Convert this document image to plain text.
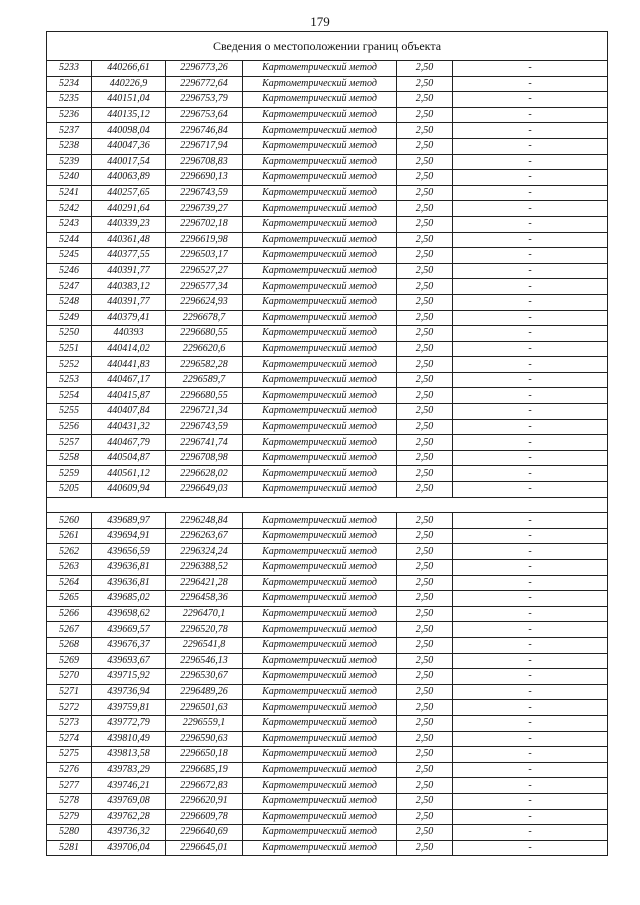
179
Сведения о местоположении границ объекта					
5233	440266,61	2296773,26	Картометрический метод	2,50	-
5234	440226,9	2296772,64	Картометрический метод	2,50	-
5235	440151,04	2296753,79	Картометрический метод	2,50	-
5236	440135,12	2296753,64	Картометрический метод	2,50	-
5237	440098,04	2296746,84	Картометрический метод	2,50	-
5238	440047,36	2296717,94	Картометрический метод	2,50	-
5239	440017,54	2296708,83	Картометрический метод	2,50	-
5240	440063,89	2296690,13	Картометрический метод	2,50	-
5241	440257,65	2296743,59	Картометрический метод	2,50	-
5242	440291,64	2296739,27	Картометрический метод	2,50	-
5243	440339,23	2296702,18	Картометрический метод	2,50	-
5244	440361,48	2296619,98	Картометрический метод	2,50	-
5245	440377,55	2296503,17	Картометрический метод	2,50	-
5246	440391,77	2296527,27	Картометрический метод	2,50	-
5247	440383,12	2296577,34	Картометрический метод	2,50	-
5248	440391,77	2296624,93	Картометрический метод	2,50	-
5249	440379,41	2296678,7	Картометрический метод	2,50	-
5250	440393	2296680,55	Картометрический метод	2,50	-
5251	440414,02	2296620,6	Картометрический метод	2,50	-
5252	440441,83	2296582,28	Картометрический метод	2,50	-
5253	440467,17	2296589,7	Картометрический метод	2,50	-
5254	440415,87	2296680,55	Картометрический метод	2,50	-
5255	440407,84	2296721,34	Картометрический метод	2,50	-
5256	440431,32	2296743,59	Картометрический метод	2,50	-
5257	440467,79	2296741,74	Картометрический метод	2,50	-
5258	440504,87	2296708,98	Картометрический метод	2,50	-
5259	440561,12	2296628,02	Картометрический метод	2,50	-
5205	440609,94	2296649,03	Картометрический метод	2,50	-

5260	439689,97	2296248,84	Картометрический метод	2,50	-
5261	439694,91	2296263,67	Картометрический метод	2,50	-
5262	439656,59	2296324,24	Картометрический метод	2,50	-
5263	439636,81	2296388,52	Картометрический метод	2,50	-
5264	439636,81	2296421,28	Картометрический метод	2,50	-
5265	439685,02	2296458,36	Картометрический метод	2,50	-
5266	439698,62	2296470,1	Картометрический метод	2,50	-
5267	439669,57	2296520,78	Картометрический метод	2,50	-
5268	439676,37	2296541,8	Картометрический метод	2,50	-
5269	439693,67	2296546,13	Картометрический метод	2,50	-
5270	439715,92	2296530,67	Картометрический метод	2,50	-
5271	439736,94	2296489,26	Картометрический метод	2,50	-
5272	439759,81	2296501,63	Картометрический метод	2,50	-
5273	439772,79	2296559,1	Картометрический метод	2,50	-
5274	439810,49	2296590,63	Картометрический метод	2,50	-
5275	439813,58	2296650,18	Картометрический метод	2,50	-
5276	439783,29	2296685,19	Картометрический метод	2,50	-
5277	439746,21	2296672,83	Картометрический метод	2,50	-
5278	439769,08	2296620,91	Картометрический метод	2,50	-
5279	439762,28	2296609,78	Картометрический метод	2,50	-
5280	439736,32	2296640,69	Картометрический метод	2,50	-
5281	439706,04	2296645,01	Картометрический метод	2,50	-
